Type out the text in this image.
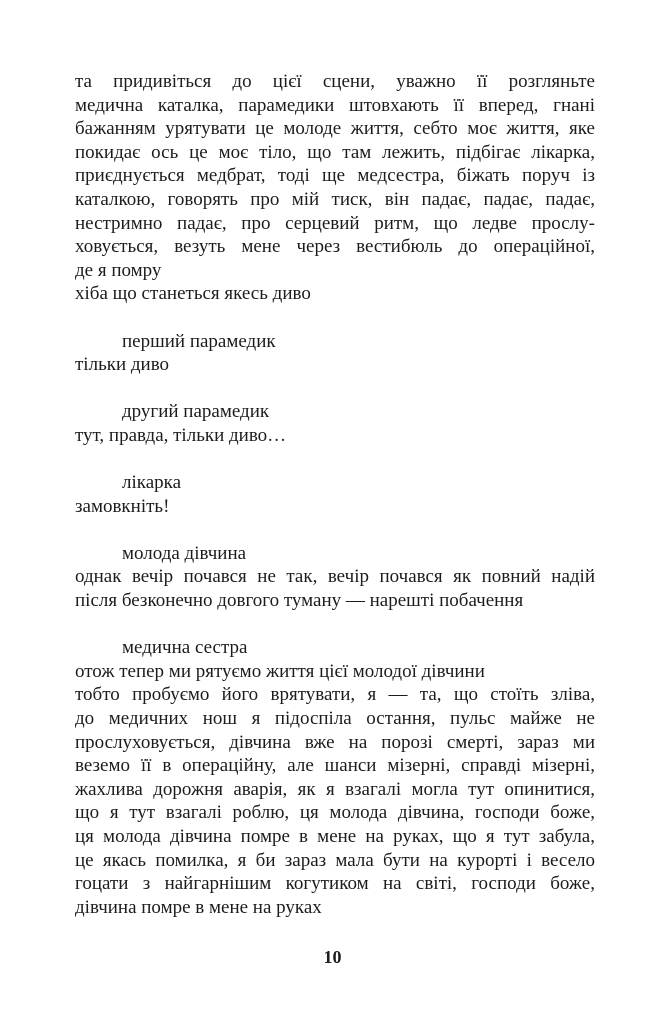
та придивіться до цієї сцени, уважно її розгляньте
медична каталка, парамедики штовхають її вперед, гнані
бажанням урятувати це молоде життя, себто моє життя, яке
покидає ось це моє тіло, що там лежить, підбігає лікарка,
приєднується медбрат, тоді ще медсестра, біжать поруч із
каталкою, говорять про мій тиск, він падає, падає, падає,
нестримно падає, про серцевий ритм, що ледве прослу-
ховується, везуть мене через вестибюль до операційної,
де я помру
хіба що станеться якесь диво
перший парамедик
тільки диво
другий парамедик
тут, правда, тільки диво…
лікарка
замовкніть!
молода дівчина
однак вечір почався не так, вечір почався як повний надій
після безконечно довгого туману — нарешті побачення
медична сестра
отож тепер ми рятуємо життя цієї молодої дівчини
тобто пробуємо його врятувати, я — та, що стоїть зліва,
до медичних нош я підоспіла остання, пульс майже не
прослуховується, дівчина вже на порозі смерті, зараз ми
веземо її в операційну, але шанси мізерні, справді мізерні,
жахлива дорожня аварія, як я взагалі могла тут опинитися,
що я тут взагалі роблю, ця молода дівчина, господи боже,
ця молода дівчина помре в мене на руках, що я тут забула,
це якась помилка, я би зараз мала бути на курорті і весело
гоцати з найгарнішим когутиком на світі, господи боже,
дівчина помре в мене на руках
10
